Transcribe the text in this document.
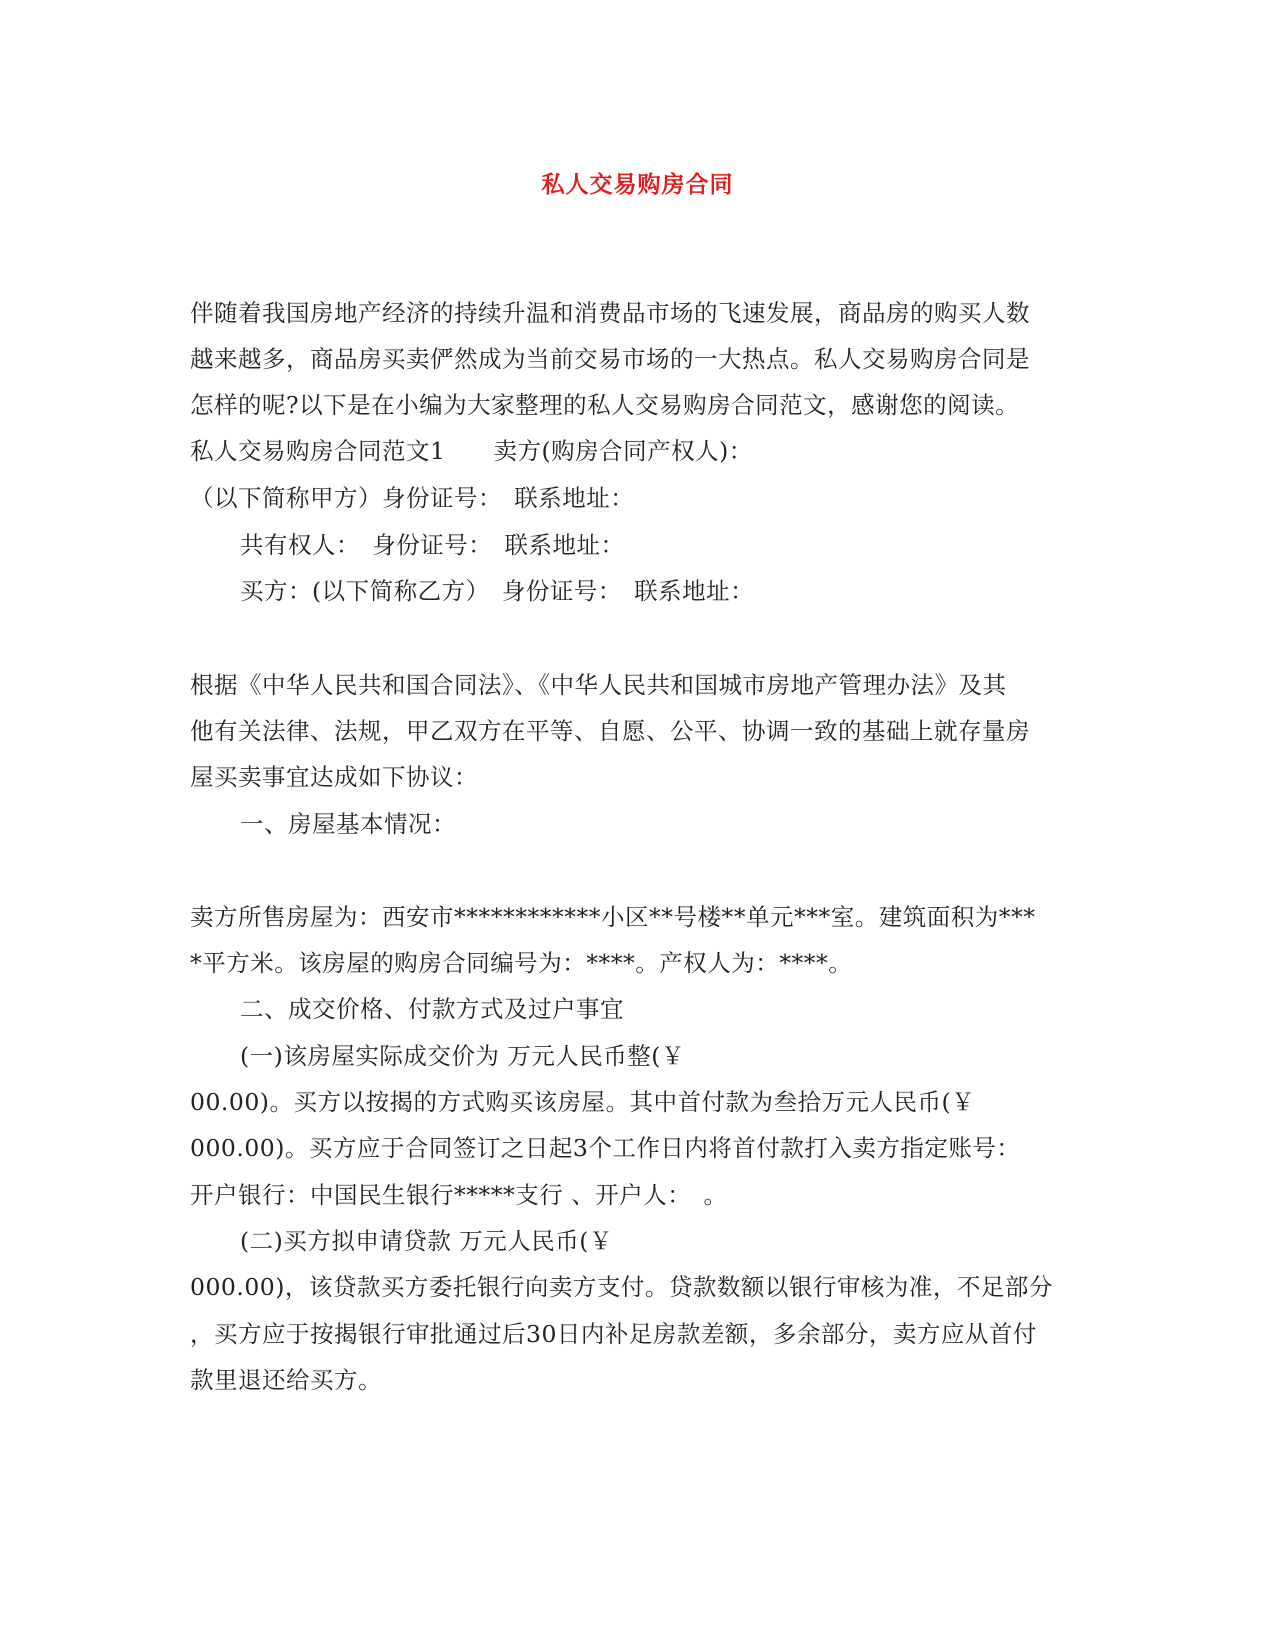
私人交易购房合同
伴随着我国房地产经济的持续升温和消费品市场的飞速发展，商品房的购买人数
越来越多，商品房买卖俨然成为当前交易市场的一大热点。私人交易购房合同是
怎样的呢?以下是在小编为大家整理的私人交易购房合同范文，感谢您的阅读。
私人交易购房合同范文1　　卖方(购房合同产权人)：
（以下简称甲方）身份证号：　联系地址：
共有权人：　身份证号：　联系地址：
买方：(以下简称乙方）　身份证号：　联系地址：
根据《中华人民共和国合同法》、《中华人民共和国城市房地产管理办法》及其
他有关法律、法规，甲乙双方在平等、自愿、公平、协调一致的基础上就存量房
屋买卖事宜达成如下协议：
一、房屋基本情况：
卖方所售房屋为：西安市************小区**号楼**单元***室。建筑面积为***
*平方米。该房屋的购房合同编号为：****。产权人为：****。
二、成交价格、付款方式及过户事宜
(一)该房屋实际成交价为 万元人民币整(￥
00.00)。买方以按揭的方式购买该房屋。其中首付款为叁拾万元人民币(￥
000.00)。买方应于合同签订之日起3个工作日内将首付款打入卖方指定账号：
开户银行：中国民生银行*****支行 、开户人：　。
(二)买方拟申请贷款 万元人民币(￥
000.00)，该贷款买方委托银行向卖方支付。贷款数额以银行审核为准，不足部分
，买方应于按揭银行审批通过后30日内补足房款差额，多余部分，卖方应从首付
款里退还给买方。
